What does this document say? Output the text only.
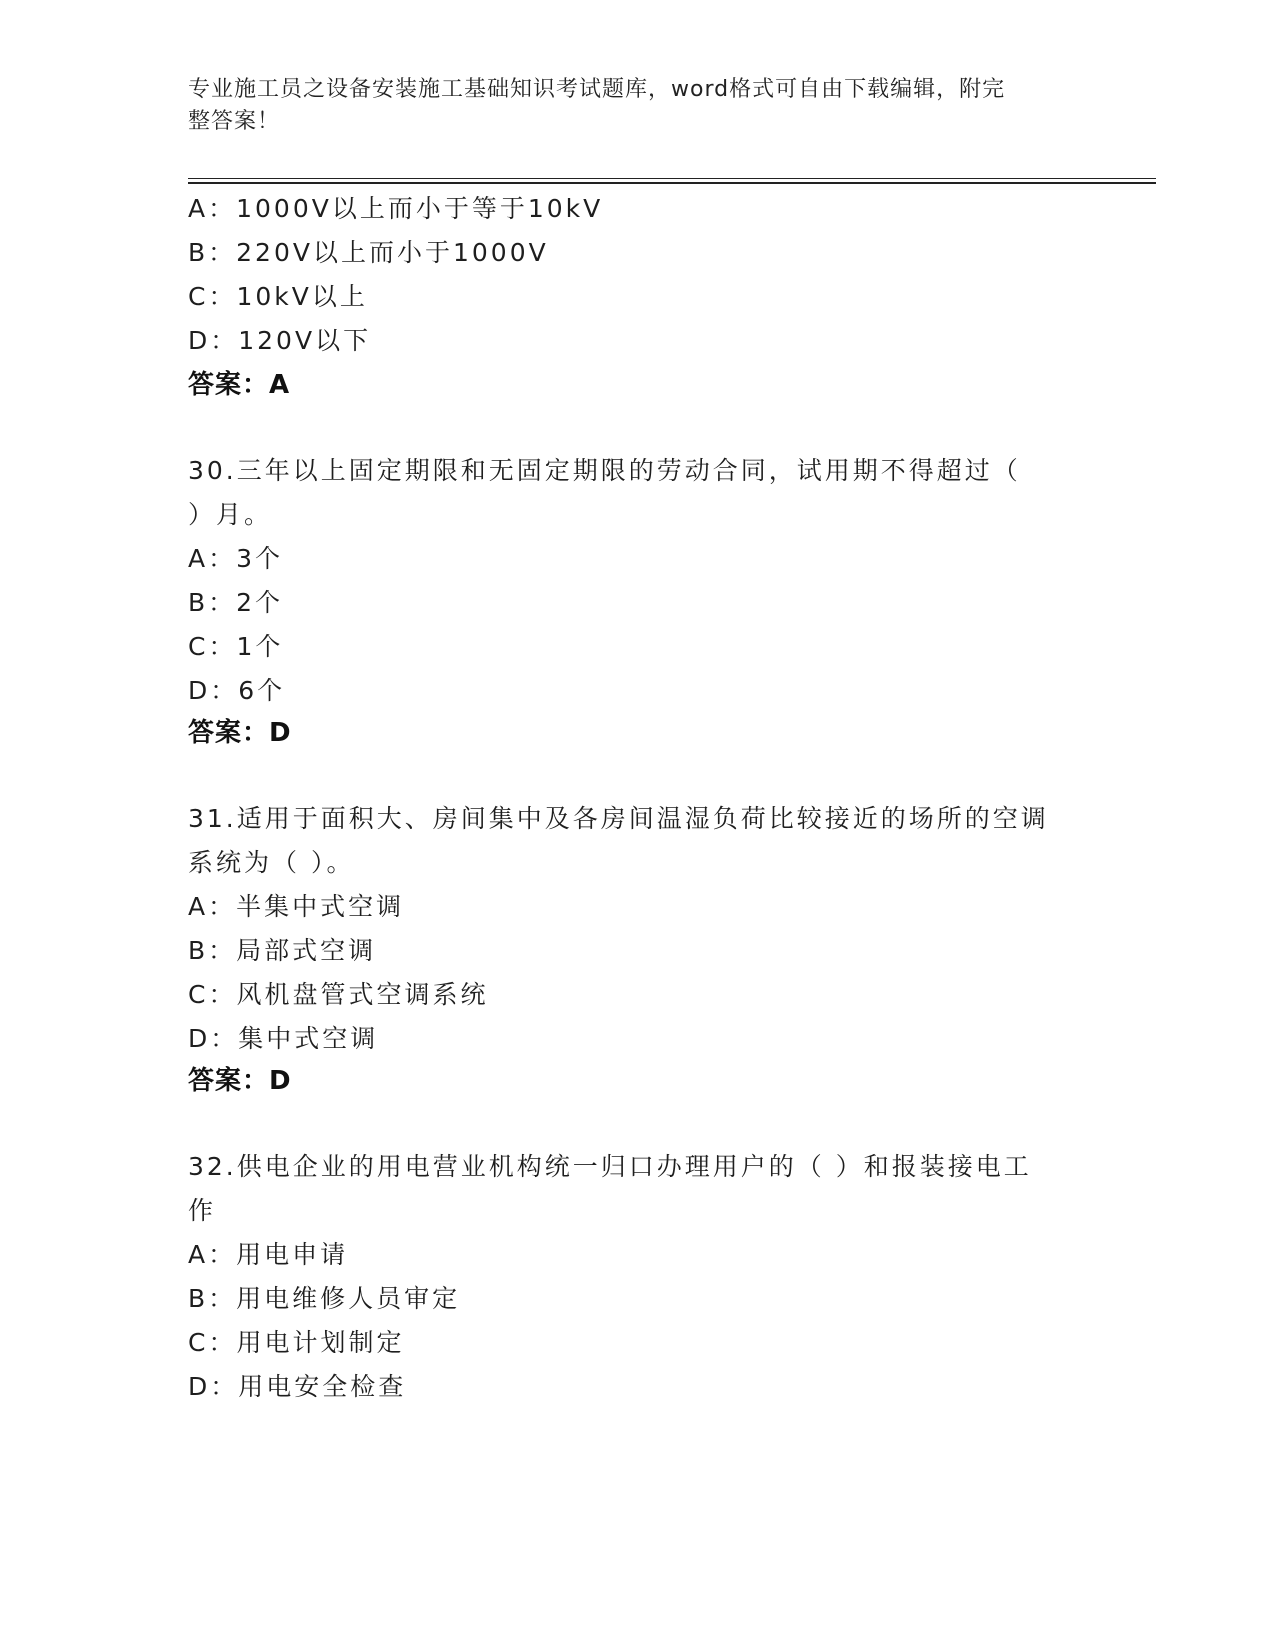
专业施工员之设备安装施工基础知识考试题库，word格式可自由下载编辑，附完
整答案！
A：1000V以上而小于等于10kV
B：220V以上而小于1000V
C：10kV以上
D：120V以下
答案：A
30.三年以上固定期限和无固定期限的劳动合同，试用期不得超过（
）月。
A：3个
B：2个
C：1个
D：6个
答案：D
31.适用于面积大、房间集中及各房间温湿负荷比较接近的场所的空调
系统为（ ）。
A：半集中式空调
B：局部式空调
C：风机盘管式空调系统
D：集中式空调
答案：D
32.供电企业的用电营业机构统一归口办理用户的（ ）和报装接电工
作
A：用电申请
B：用电维修人员审定
C：用电计划制定
D：用电安全检查
